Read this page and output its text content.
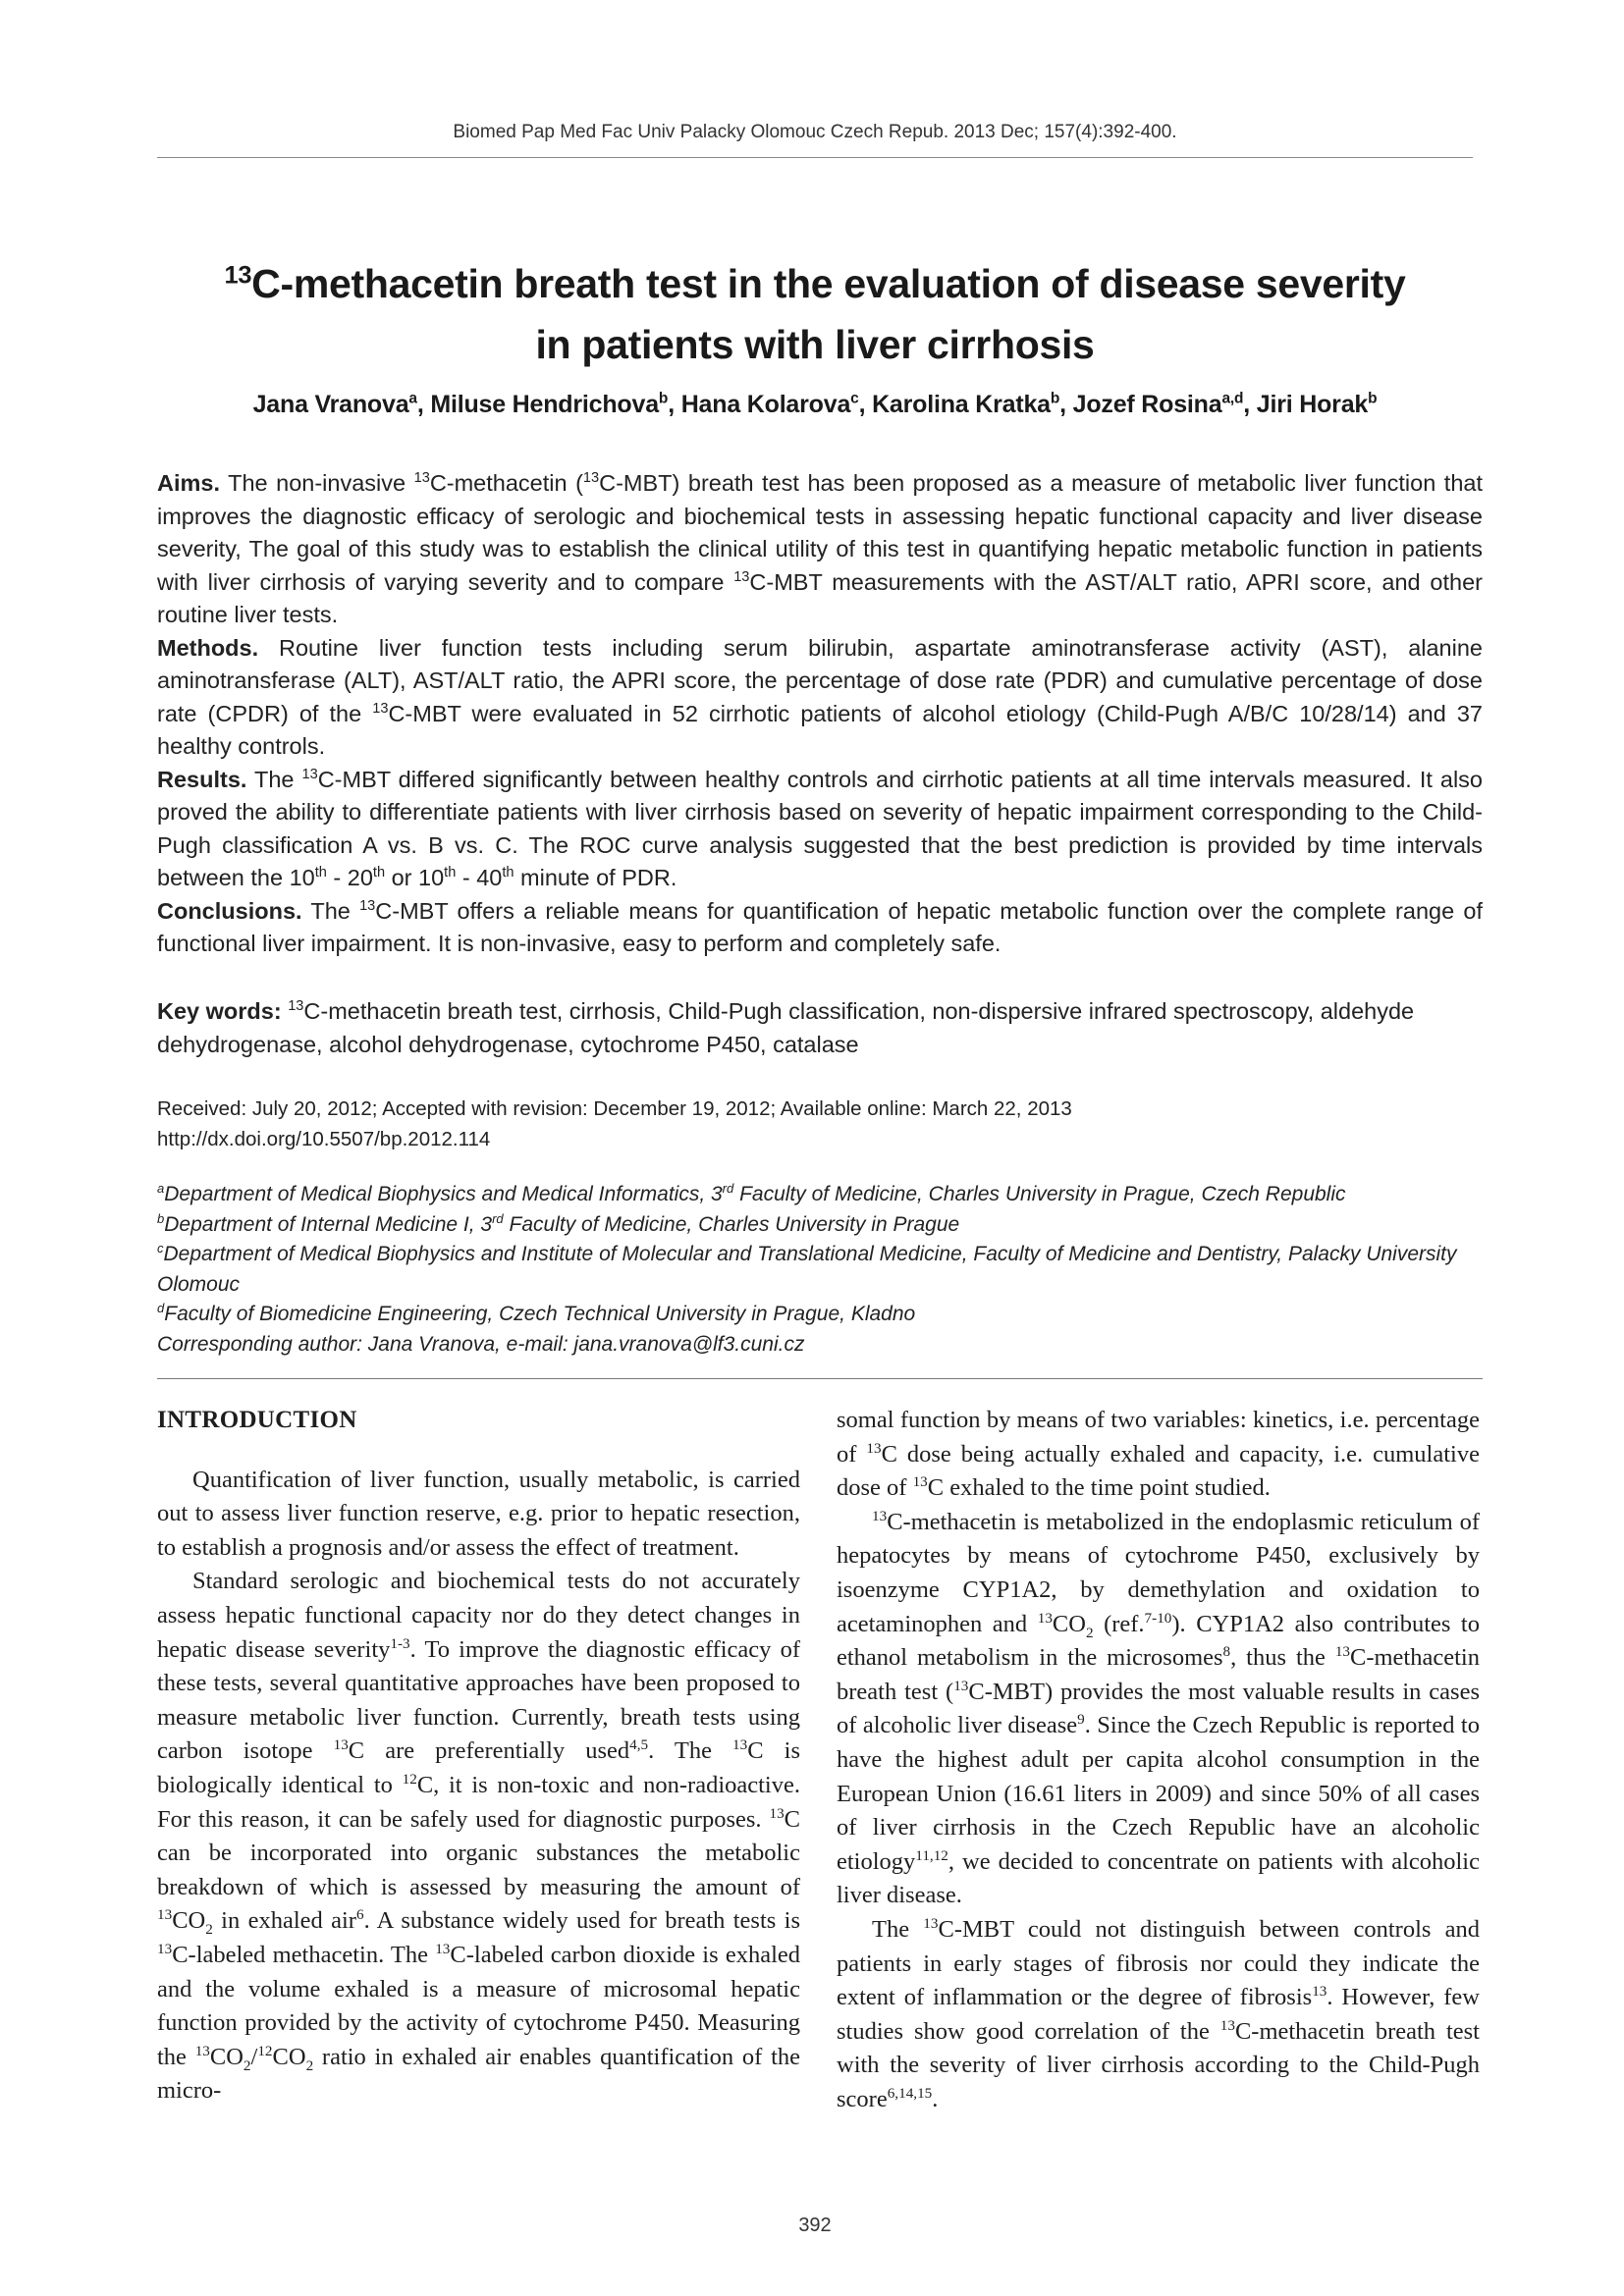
Biomed Pap Med Fac Univ Palacky Olomouc Czech Repub. 2013 Dec; 157(4):392-400.
$^{13}$C-methacetin breath test in the evaluation of disease severity
in patients with liver cirrhosis
Jana Vranova$^a$, Miluse Hendrichova$^b$, Hana Kolarova$^c$, Karolina Kratka$^b$, Jozef Rosina$^{a,d}$, Jiri Horak$^b$

Aims. The non-invasive $^{13}$C-methacetin ($^{13}$C-MBT) breath test has been proposed as a measure of metabolic liver function that improves the diagnostic efficacy of serologic and biochemical tests in assessing hepatic functional capacity and liver disease severity, The goal of this study was to establish the clinical utility of this test in quantifying hepatic metabolic function in patients with liver cirrhosis of varying severity and to compare $^{13}$C-MBT measurements with the AST/ALT ratio, APRI score, and other routine liver tests.

Methods. Routine liver function tests including serum bilirubin, aspartate aminotransferase activity (AST), alanine aminotransferase (ALT), AST/ALT ratio, the APRI score, the percentage of dose rate (PDR) and cumulative percentage of dose rate (CPDR) of the $^{13}$C-MBT were evaluated in 52 cirrhotic patients of alcohol etiology (Child-Pugh A/B/C 10/28/14) and 37 healthy controls.

Results. The $^{13}$C-MBT differed significantly between healthy controls and cirrhotic patients at all time intervals measured. It also proved the ability to differentiate patients with liver cirrhosis based on severity of hepatic impairment corresponding to the Child-Pugh classification A vs. B vs. C. The ROC curve analysis suggested that the best prediction is provided by time intervals between the 10th - 20th or 10th - 40th minute of PDR.

Conclusions. The $^{13}$C-MBT offers a reliable means for quantification of hepatic metabolic function over the complete range of functional liver impairment. It is non-invasive, easy to perform and completely safe.

Key words: $^{13}$C-methacetin breath test, cirrhosis, Child-Pugh classification, non-dispersive infrared spectroscopy, aldehyde dehydrogenase, alcohol dehydrogenase, cytochrome P450, catalase

Received: July 20, 2012; Accepted with revision: December 19, 2012; Available online: March 22, 2013

http://dx.doi.org/10.5507/bp.2012.114

$^a$Department of Medical Biophysics and Medical Informatics, 3rd Faculty of Medicine, Charles University in Prague, Czech Republic

$^b$Department of Internal Medicine I, 3rd Faculty of Medicine, Charles University in Prague

$^c$Department of Medical Biophysics and Institute of Molecular and Translational Medicine, Faculty of Medicine and Dentistry, Palacky University Olomouc

$^d$Faculty of Biomedicine Engineering, Czech Technical University in Prague, Kladno

Corresponding author: Jana Vranova, e-mail: jana.vranova@lf3.cuni.cz

INTRODUCTION

Quantification of liver function, usually metabolic, is carried out to assess liver function reserve, e.g. prior to hepatic resection, to establish a prognosis and/or assess the effect of treatment.

Standard serologic and biochemical tests do not accurately assess hepatic functional capacity nor do they detect changes in hepatic disease severity$^{1-3}$. To improve the diagnostic efficacy of these tests, several quantitative approaches have been proposed to measure metabolic liver function. Currently, breath tests using carbon isotope $^{13}$C are preferentially used$^{4,5}$. The $^{13}$C is biologically identical to $^{12}$C, it is non-toxic and non-radioactive. For this reason, it can be safely used for diagnostic purposes. $^{13}$C can be incorporated into organic substances the metabolic breakdown of which is assessed by measuring the amount of $^{13}CO_2$ in exhaled air$^6$. A substance widely used for breath tests is $^{13}$C-labeled methacetin. The $^{13}$C-labeled carbon dioxide is exhaled and the volume exhaled is a measure of microsomal hepatic function provided by the activity of cytochrome P450. Measuring the $^{13}CO_2/^{12}CO_2$ ratio in exhaled air enables quantification of the micro-

somal function by means of two variables: kinetics, i.e. percentage of $^{13}$C dose being actually exhaled and capacity, i.e. cumulative dose of $^{13}$C exhaled to the time point studied.

$^{13}$C-methacetin is metabolized in the endoplasmic reticulum of hepatocytes by means of cytochrome P450, exclusively by isoenzyme CYP1A2, by demethylation and oxidation to acetaminophen and $^{13}CO_2$ (ref.$^{7-10}$). CYP1A2 also contributes to ethanol metabolism in the microsomes$^8$, thus the $^{13}$C-methacetin breath test ($^{13}$C-MBT) provides the most valuable results in cases of alcoholic liver disease$^9$. Since the Czech Republic is reported to have the highest adult per capita alcohol consumption in the European Union (16.61 liters in 2009) and since 50% of all cases of liver cirrhosis in the Czech Republic have an alcoholic etiology$^{11,12}$, we decided to concentrate on patients with alcoholic liver disease.

The $^{13}$C-MBT could not distinguish between controls and patients in early stages of fibrosis nor could they indicate the extent of inflammation or the degree of fibrosis$^{13}$. However, few studies show good correlation of the $^{13}$C-methacetin breath test with the severity of liver cirrhosis according to the Child-Pugh score$^{6,14,15}$.

392
